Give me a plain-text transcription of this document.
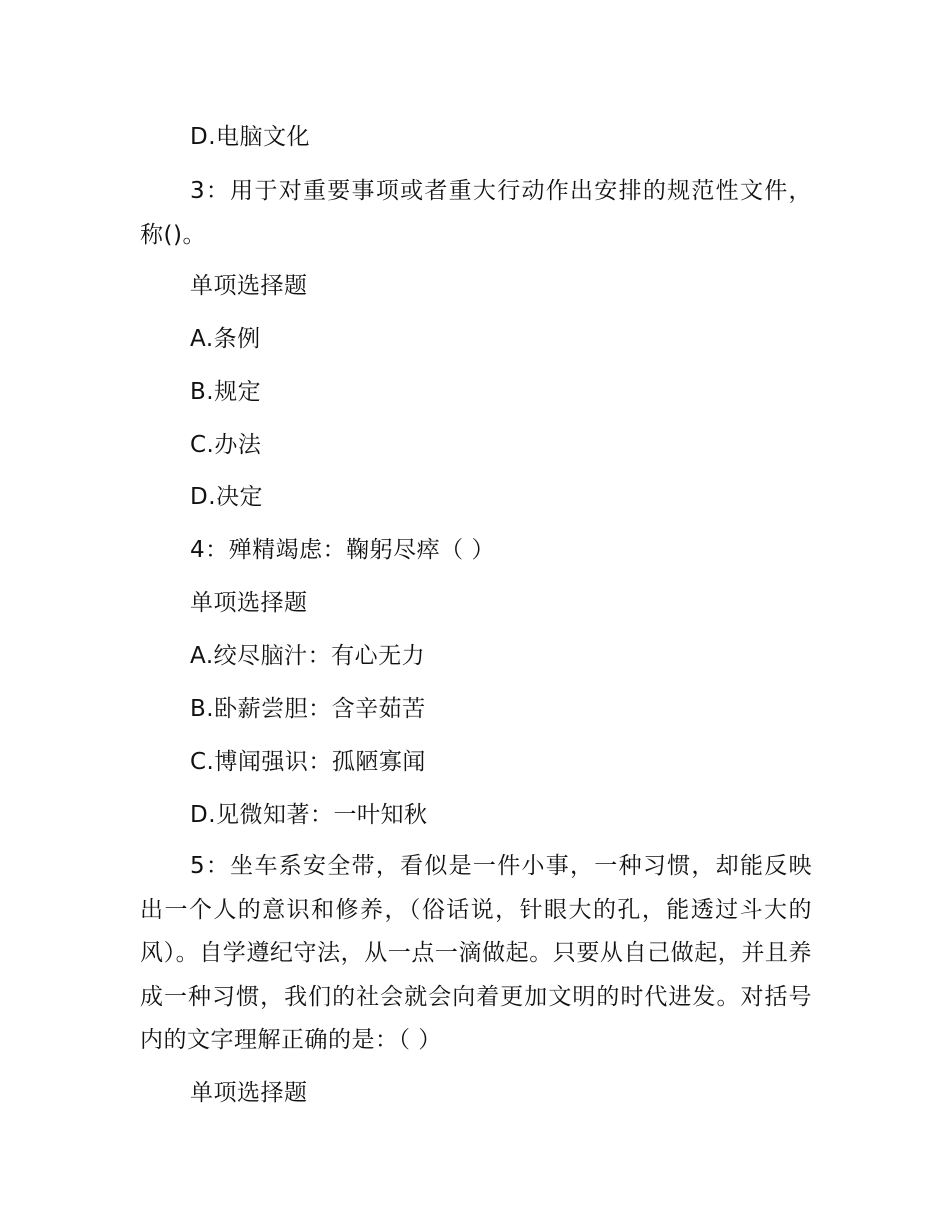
D.电脑文化
3：用于对重要事项或者重大行动作出安排的规范性文件，称()。
单项选择题
A.条例
B.规定
C.办法
D.决定
4：殚精竭虑：鞠躬尽瘁（ ）
单项选择题
A.绞尽脑汁：有心无力
B.卧薪尝胆：含辛茹苦
C.博闻强识：孤陋寡闻
D.见微知著：一叶知秋
5：坐车系安全带，看似是一件小事，一种习惯，却能反映出一个人的意识和修养，（俗话说，针眼大的孔，能透过斗大的风）。自学遵纪守法，从一点一滴做起。只要从自己做起，并且养成一种习惯，我们的社会就会向着更加文明的时代进发。对括号内的文字理解正确的是：（ ）
单项选择题
